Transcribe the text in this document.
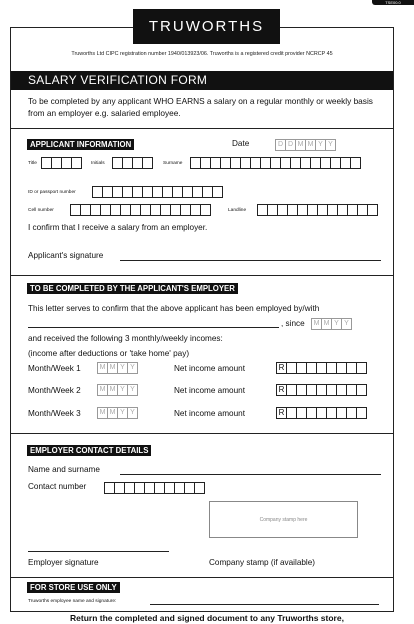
TSE00.0
TRUWORTHS
Truworths Ltd CIPC registration number 1940/013923/06. Truworths is a registered credit provider NCRCP 45
SALARY VERIFICATION FORM
To be completed by any applicant WHO EARNS a salary on a regular monthly or weekly basis from an employer e.g. salaried employee.
APPLICANT INFORMATION	Date	D D M M Y Y
Title	Initials	Surname
ID or passport number
Cell number	Landline
I confirm that I receive a salary from an employer.
Applicant's signature
TO BE COMPLETED BY THE APPLICANT'S EMPLOYER
This letter serves to confirm that the above applicant has been employed by/with
, since	M M Y Y
and received the following 3 monthly/weekly incomes:
(income after deductions or 'take home' pay)
Month/Week 1	M M Y Y	Net income amount	R
Month/Week 2	M M Y Y	Net income amount	R
Month/Week 3	M M Y Y	Net income amount	R
EMPLOYER CONTACT DETAILS
Name and surname
Contact number
Company stamp here
Employer signature	Company stamp (if available)
FOR STORE USE ONLY
Truworths employee name and signature:
Return the completed and signed document to any Truworths store,
